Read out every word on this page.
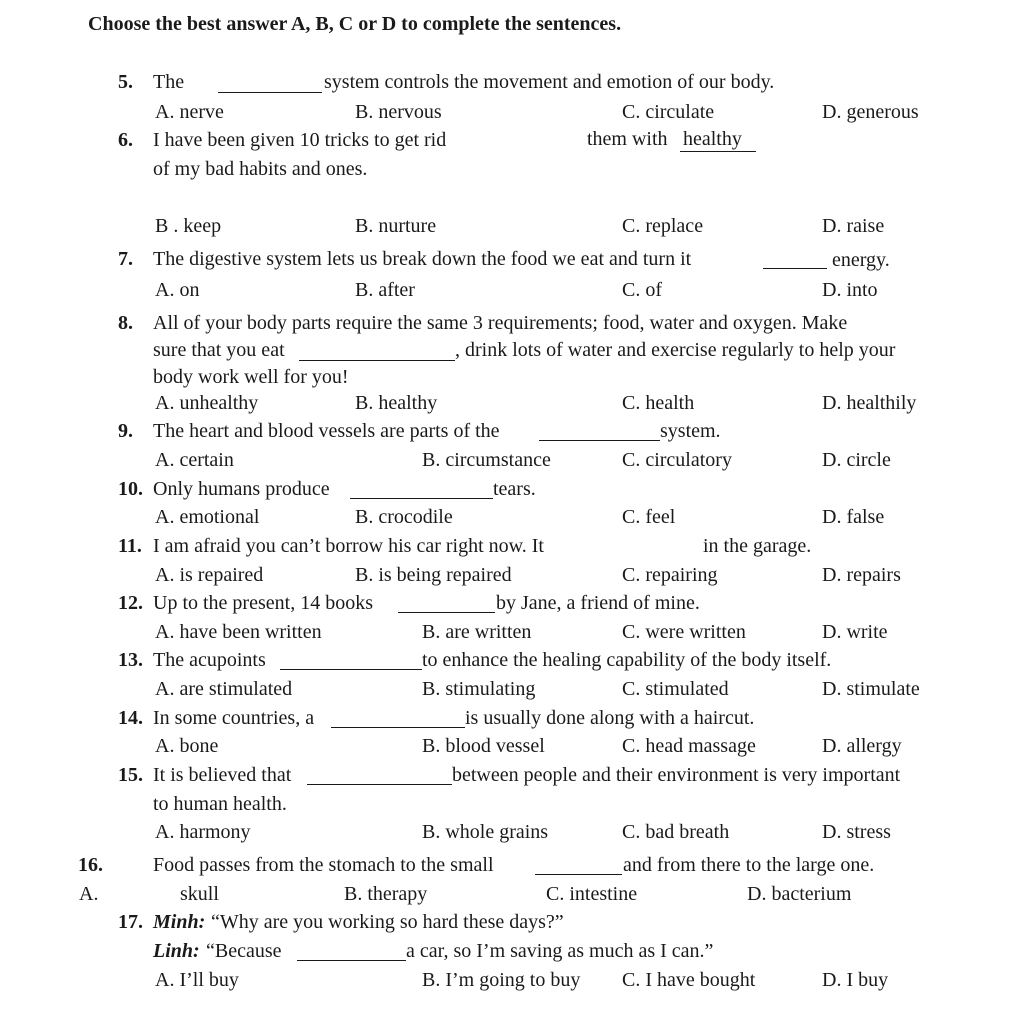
Choose the best answer A, B, C or D to complete the sentences.
5. The	system controls the movement and emotion of our body.
A. nerve	B. nervous	C. circulate	D. generous
6. I have been given 10 tricks to get rid	them with healthy
of my bad habits and ones.
B . keep	B. nurture	C. replace	D. raise
7. The digestive system lets us break down the food we eat and turn it	energy.
A. on	B. after	C. of	D. into
8. All of your body parts require the same 3 requirements; food, water and oxygen. Make
sure that you eat	, drink lots of water and exercise regularly to help your
body work well for you!
A. unhealthy	B. healthy	C. health	D. healthily
9. The heart and blood vessels are parts of the	system.
A. certain	B. circumstance	C. circulatory	D. circle
10. Only humans produce	tears.
A. emotional	B. crocodile	C. feel	D. false
11. I am afraid you can’t borrow his car right now. It	in the garage.
A. is repaired	B. is being repaired	C. repairing	D. repairs
12. Up to the present, 14 books	by Jane, a friend of mine.
A. have been written	B. are written	C. were written	D. write
13. The acupoints	to enhance the healing capability of the body itself.
A. are stimulated	B. stimulating	C. stimulated	D. stimulate
14. In some countries, a	is usually done along with a haircut.
A. bone	B. blood vessel	C. head massage	D. allergy
15. It is believed that	between people and their environment is very important
to human health.
A. harmony	B. whole grains	C. bad breath	D. stress
16.	Food passes from the stomach to the small	and from there to the large one.
A.	skull	B. therapy	C. intestine	D. bacterium
17. Minh: “Why are you working so hard these days?”
Linh: “Because	a car, so I’m saving as much as I can.”
A. I’ll buy	B. I’m going to buy C. I have bought	D. I buy
